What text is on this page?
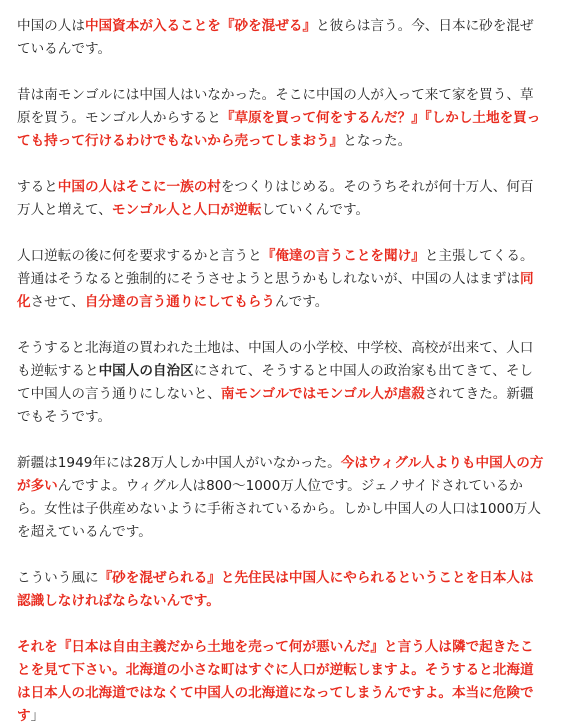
中国の人は中国資本が入ることを『砂を混ぜる』と彼らは言う。今、日本に砂を混ぜているんです。

昔は南モンゴルには中国人はいなかった。そこに中国の人が入って来て家を買う、草原を買う。モンゴル人からすると『草原を買って何をするんだ？』『しかし土地を買っても持って行けるわけでもないから売ってしまおう』となった。

すると中国の人はそこに一族の村をつくりはじめる。そのうちそれが何十万人、何百万人と増えて、モンゴル人と人口が逆転していくんです。

人口逆転の後に何を要求するかと言うと『俺達の言うことを聞け』と主張してくる。普通はそうなると強制的にそうさせようと思うかもしれないが、中国の人はまずは同化させて、自分達の言う通りにしてもらうんです。

そうすると北海道の買われた土地は、中国人の小学校、中学校、高校が出来て、人口も逆転すると中国人の自治区にされて、そうすると中国人の政治家も出てきて、そして中国人の言う通りにしないと、南モンゴルではモンゴル人が虐殺されてきた。新疆でもそうです。

新疆は1949年には28万人しか中国人がいなかった。今はウィグル人よりも中国人の方が多いんですよ。ウィグル人は800〜1000万人位です。ジェノサイドされているから。女性は子供産めないように手術されているから。しかし中国人の人口は1000万人を超えているんです。

こういう風に『砂を混ぜられる』と先住民は中国人にやられるということを日本人は認識しなければならないんです。

それを『日本は自由主義だから土地を売って何が悪いんだ』と言う人は隣で起きたことを見て下さい。北海道の小さな町はすぐに人口が逆転しますよ。そうすると北海道は日本人の北海道ではなくて中国人の北海道になってしまうんですよ。本当に危険です」
